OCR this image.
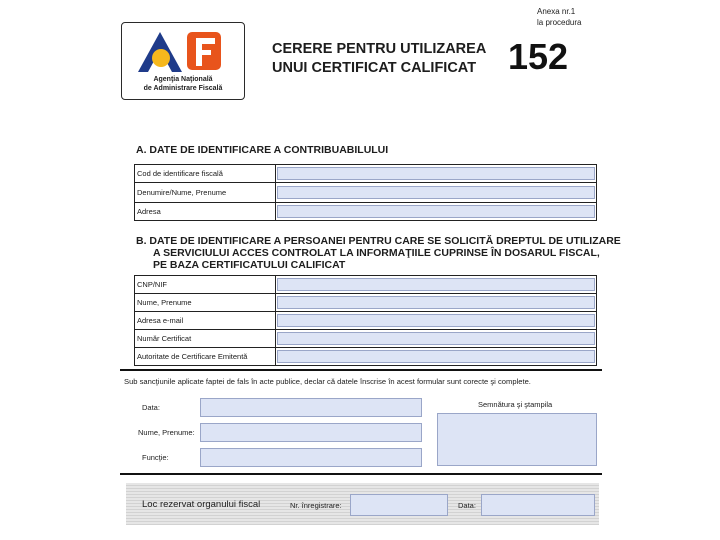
Agenţia Naţională
de Administrare Fiscală
Anexa nr.1
la procedura
CERERE PENTRU UTILIZAREA
UNUI CERTIFICAT CALIFICAT 152
A. DATE DE IDENTIFICARE A CONTRIBUABILULUI
Cod de identificare fiscală	

Denumire/Nume, Prenume	

Adresa	
B. DATE DE IDENTIFICARE A PERSOANEI PENTRU CARE SE SOLICITĂ DREPTUL DE UTILIZARE
A SERVICIULUI ACCES CONTROLAT LA INFORMAŢIILE CUPRINSE ÎN DOSARUL FISCAL,
PE BAZA CERTIFICATULUI CALIFICAT
CNP/NIF	

Nume, Prenume	

Adresa e-mail	

Număr Certificat	

Autoritate de Certificare Emitentă	
Sub sancţiunile aplicate faptei de fals în acte publice, declar că datele înscrise în acest formular sunt corecte şi complete.
Data:
Nume, Prenume:
Funcţie:
Semnătura şi ştampila
Loc rezervat organului fiscal	Nr. înregistrare:	Data:
